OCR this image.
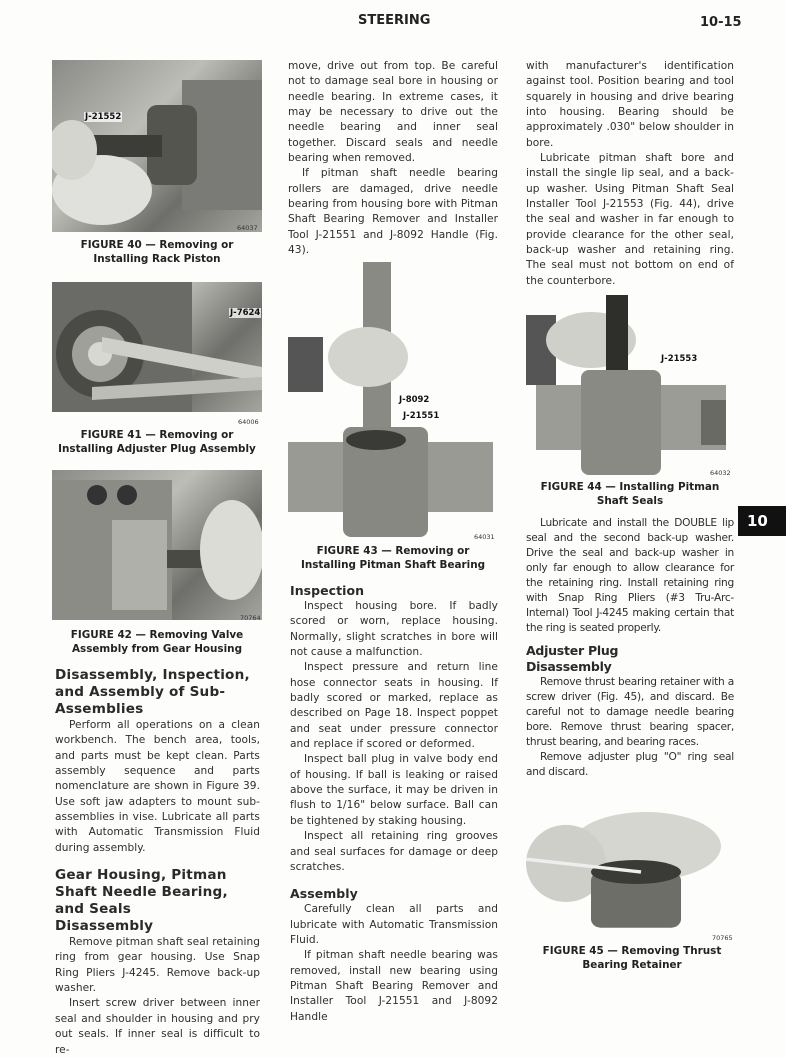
STEERING	10-15
J-21552
64037
FIGURE 40 — Removing or Installing Rack Piston
J-7624
64006
FIGURE 41 — Removing or Installing Adjuster Plug Assembly
70764
FIGURE 42 — Removing Valve Assembly from Gear Housing
Disassembly, Inspection, and Assembly of Sub-Assemblies

Perform all operations on a clean workbench. The bench area, tools, and parts must be kept clean. Parts assembly sequence and parts nomenclature are shown in Figure 39. Use soft jaw adapters to mount sub-assemblies in vise. Lubricate all parts with Automatic Transmission Fluid during assembly.

Gear Housing, Pitman Shaft Needle Bearing, and Seals
Disassembly

Remove pitman shaft seal retaining ring from gear housing. Use Snap Ring Pliers J-4245. Remove back-up washer.

Insert screw driver between inner seal and shoulder in housing and pry out seals. If inner seal is difficult to re-

move, drive out from top. Be careful not to damage seal bore in housing or needle bearing. In extreme cases, it may be necessary to drive out the needle bearing and inner seal together. Discard seals and needle bearing when removed.

If pitman shaft needle bearing rollers are damaged, drive needle bearing from housing bore with Pitman Shaft Bearing Remover and Installer Tool J-21551 and J-8092 Handle (Fig. 43).

J-8092
J-21551
64031
FIGURE 43 — Removing or Installing Pitman Shaft Bearing
Inspection

Inspect housing bore. If badly scored or worn, replace housing. Normally, slight scratches in bore will not cause a malfunction.

Inspect pressure and return line hose connector seats in housing. If badly scored or marked, replace as described on Page 18. Inspect poppet and seat under pressure connector and replace if scored or deformed.

Inspect ball plug in valve body end of housing. If ball is leaking or raised above the surface, it may be driven in flush to 1/16" below surface. Ball can be tightened by staking housing.

Inspect all retaining ring grooves and seal surfaces for damage or deep scratches.

Assembly

Carefully clean all parts and lubricate with Automatic Transmission Fluid.

If pitman shaft needle bearing was removed, install new bearing using Pitman Shaft Bearing Remover and Installer Tool J-21551 and J-8092 Handle

with manufacturer's identification against tool. Position bearing and tool squarely in housing and drive bearing into housing. Bearing should be approximately .030" below shoulder in bore.

Lubricate pitman shaft bore and install the single lip seal, and a back-up washer. Using Pitman Shaft Seal Installer Tool J-21553 (Fig. 44), drive the seal and washer in far enough to provide clearance for the other seal, back-up washer and retaining ring. The seal must not bottom on end of the counterbore.

J-21553
64032
FIGURE 44 — Installing Pitman Shaft Seals
10

Lubricate and install the DOUBLE lip seal and the second back-up washer. Drive the seal and back-up washer in only far enough to allow clearance for the retaining ring. Install retaining ring with Snap Ring Pliers (#3 Tru-Arc-Internal) Tool J-4245 making certain that the ring is seated properly.

Adjuster Plug
Disassembly

Remove thrust bearing retainer with a screw driver (Fig. 45), and discard. Be careful not to damage needle bearing bore. Remove thrust bearing spacer, thrust bearing, and bearing races.

Remove adjuster plug "O" ring seal and discard.

70765
FIGURE 45 — Removing Thrust Bearing Retainer
